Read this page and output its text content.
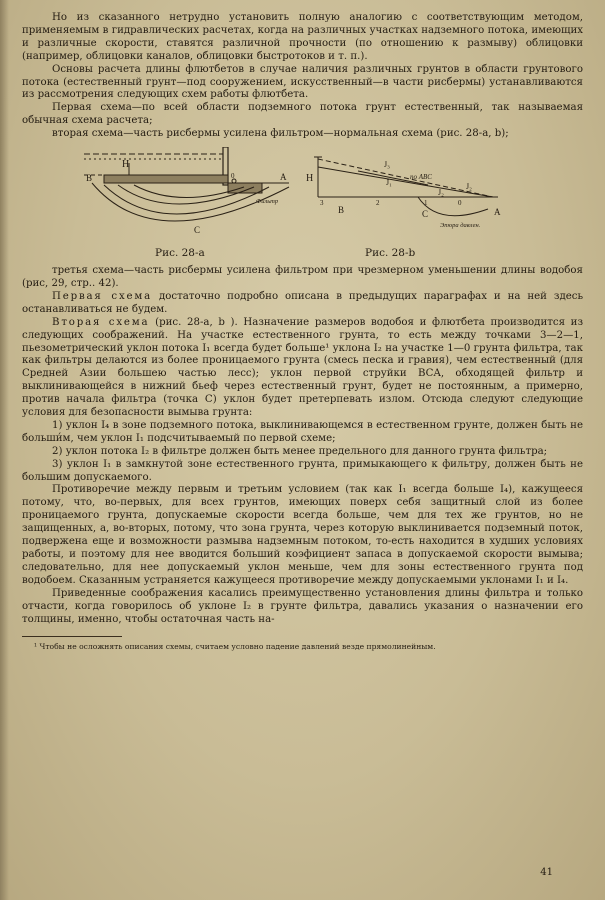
Но из сказанного нетрудно установить полную аналогию с соответствующим методом, применяемым в гидравлических расчетах, когда на различных участках надземного потока, имеющих и различные скорости, ставятся различной прочности (по отношению к размыву) облицовки (например, облицовки каналов, облицовки быстротоков и т. п.).

Основы расчета длины флютбетов в случае наличия различных грунтов в области грунтового потока (естественный грунт—под сооружением, искусственный—в части рисбермы) устанавливаются из рассмотрения следующих схем работы флютбета.

Первая схема—по всей области подземного потока грунт естественный, так называемая обычная схема расчета;

вторая схема—часть рисбермы усилена фильтром—нормальная схема (рис. 28-а, b);

H
B	0	A
C
Фильтр
Рис. 28-а
H
J₃
по ABC
J₁
J₂
J₂
3	2	1	0
B	C	A
Эпюра давлен.
Рис. 28-b

третья схема—часть рисбермы усилена фильтром при чрезмерном уменьшении длины водобоя (рис, 29, стр.. 42).

Первая схема достаточно подробно описана в предыдущих параграфах и на ней здесь останавливаться не будем.

Вторая схема (рис. 28-а, b ). Назначение размеров водобоя и флютбета производится из следующих соображений. На участке естественного грунта, то есть между точками 3—2—1, пьезометрический уклон потока I₁ всегда будет больше¹ уклона I₂ на участке 1—0 грунта фильтра, так как фильтры делаются из более проницаемого грунта (смесь песка и гравия), чем естественный (для Средней Азии большею частью лесс); уклон первой струйки BCA, обходящей фильтр и выклинивающейся в нижний бьеф через естественный грунт, будет не постоянным, а примерно, против начала фильтра (точка C) уклон будет претерпевать излом. Отсюда следуют следующие условия для безопасности вымыва грунта:

1) уклон I₄ в зоне подземного потока, выклинивающемся в естественном грунте, должен быть не больши́м, чем уклон I₁ подсчитываемый по первой схеме;

2) уклон потока I₂ в фильтре должен быть менее предельного для данного грунта фильтра;

3) уклон I₁ в замкнутой зоне естественного грунта, примыкающего к фильтру, должен быть не большим допускаемого.

Противоречие между первым и третьим условием (так как I₁ всегда больше I₄), кажущееся потому, что, во-первых, для всех грунтов, имеющих поверх себя защитный слой из более проницаемого грунта, допускаемые скорости всегда больше, чем для тех же грунтов, но не защищенных, а, во-вторых, потому, что зона грунта, через которую выклинивается подземный поток, подвержена еще и возможности размыва надземным потоком, то-есть находится в худших условиях работы, и поэтому для нее вводится больший коэфициент запаса в допускаемой скорости вымыва; следовательно, для нее допускаемый уклон меньше, чем для зоны естественного грунта под водобоем. Сказанным устраняется кажущееся противоречие между допускаемыми уклонами I₁ и I₄.

Приведенные соображения касались преимущественно установления длины фильтра и только отчасти, когда говорилось об уклоне I₂ в грунте фильтра, давались указания о назначении его толщины, именно, чтобы остаточная часть на-

¹ Чтобы не осложнять описания схемы, считаем условно падение давлений везде прямолинейным.

41
